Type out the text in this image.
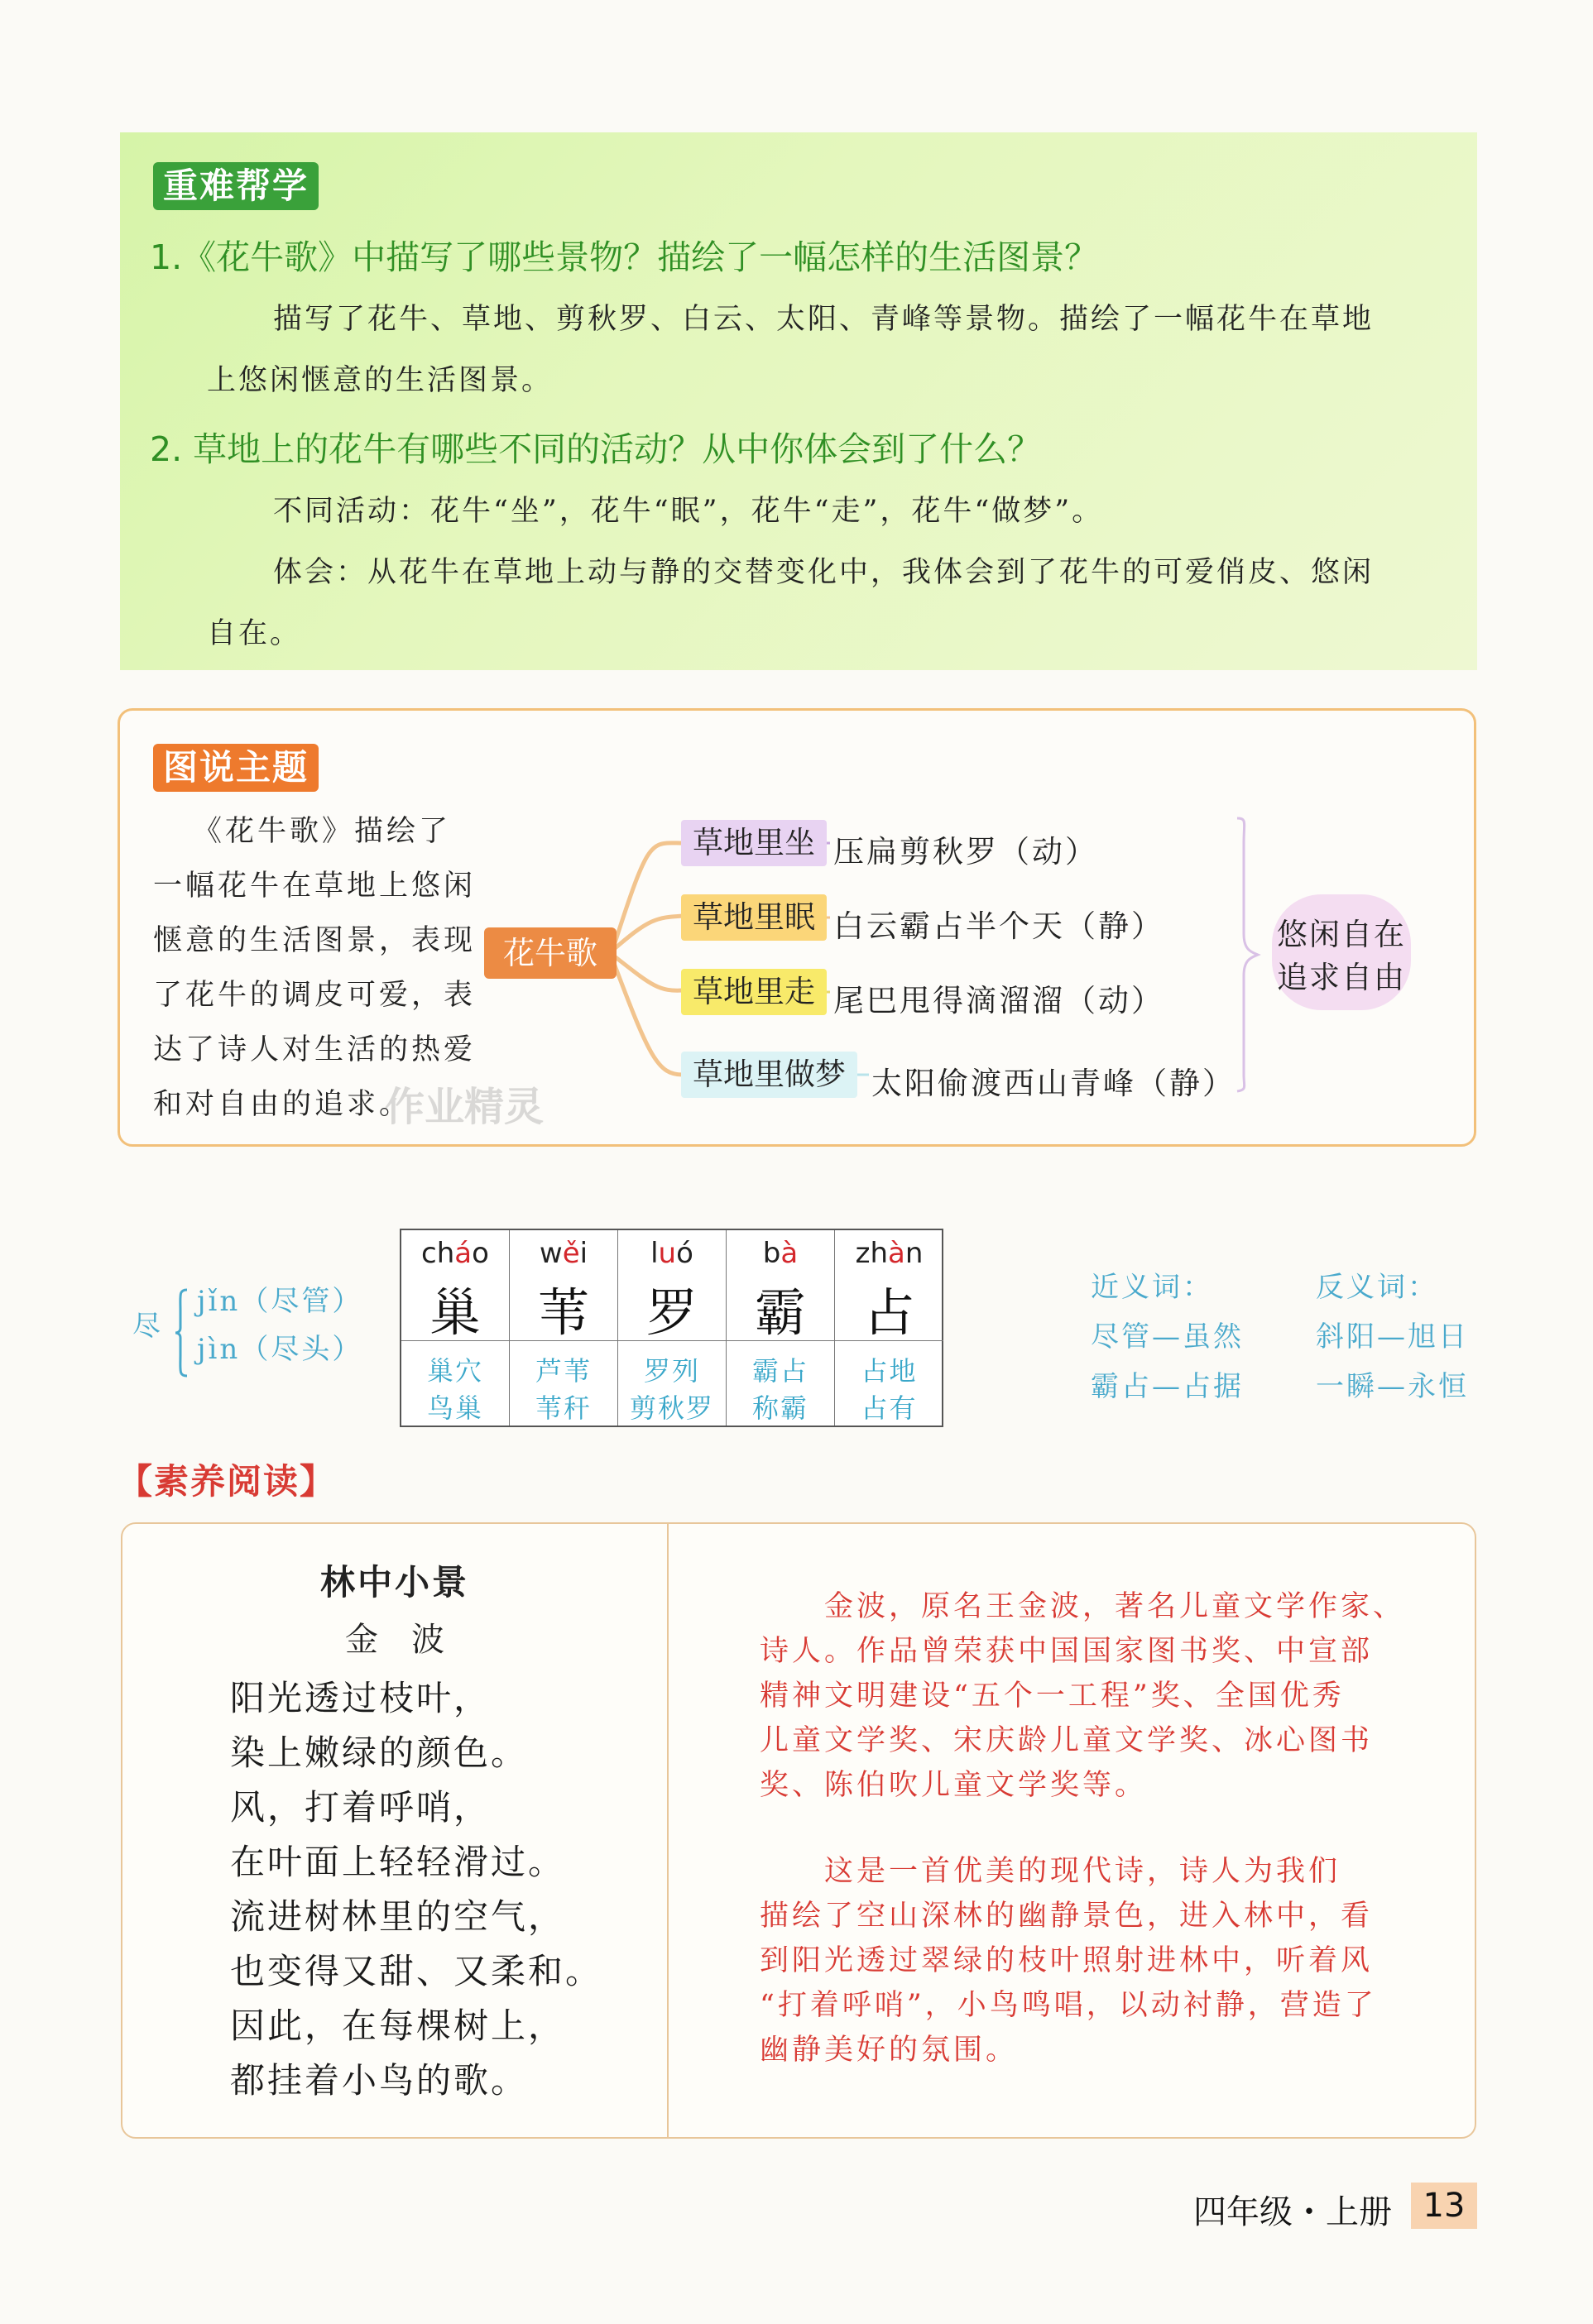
重难帮学
1.《花牛歌》中描写了哪些景物？描绘了一幅怎样的生活图景？
描写了花牛、草地、剪秋罗、白云、太阳、青峰等景物。描绘了一幅花牛在草地
上悠闲惬意的生活图景。
2. 草地上的花牛有哪些不同的活动？从中你体会到了什么？
不同活动：花牛“坐”，花牛“眠”，花牛“走”，花牛“做梦”。
体会：从花牛在草地上动与静的交替变化中，我体会到了花牛的可爱俏皮、悠闲
自在。
图说主题
《花牛歌》描绘了
一幅花牛在草地上悠闲
惬意的生活图景，表现
了花牛的调皮可爱，表
达了诗人对生活的热爱
和对自由的追求。
花牛歌
草地里坐
草地里眠
草地里走
草地里做梦
压扁剪秋罗（动）
白云霸占半个天（静）
尾巴甩得滴溜溜（动）
太阳偷渡西山青峰（静）
悠闲自在
追求自由
作业精灵
尽
jǐn（尽管）
jìn（尽头）
cháo
巢
巢穴
鸟巢
wěi
苇
芦苇
苇秆
luó
罗
罗列
剪秋罗
bà
霸
霸占
称霸
zhàn
占
占地
占有
近义词：
尽管—虽然
霸占—占据
反义词：
斜阳—旭日
一瞬—永恒
【素养阅读】
林中小景
金　波
阳光透过枝叶，
染上嫩绿的颜色。
风，打着呼哨，
在叶面上轻轻滑过。
流进树林里的空气，
也变得又甜、又柔和。
因此，在每棵树上，
都挂着小鸟的歌。
金波，原名王金波，著名儿童文学作家、
诗人。作品曾荣获中国国家图书奖、中宣部
精神文明建设“五个一工程”奖、全国优秀
儿童文学奖、宋庆龄儿童文学奖、冰心图书
奖、陈伯吹儿童文学奖等。
这是一首优美的现代诗，诗人为我们
描绘了空山深林的幽静景色，进入林中，看
到阳光透过翠绿的枝叶照射进林中，听着风
“打着呼哨”，小鸟鸣唱，以动衬静，营造了
幽静美好的氛围。
四年级・上册 13
